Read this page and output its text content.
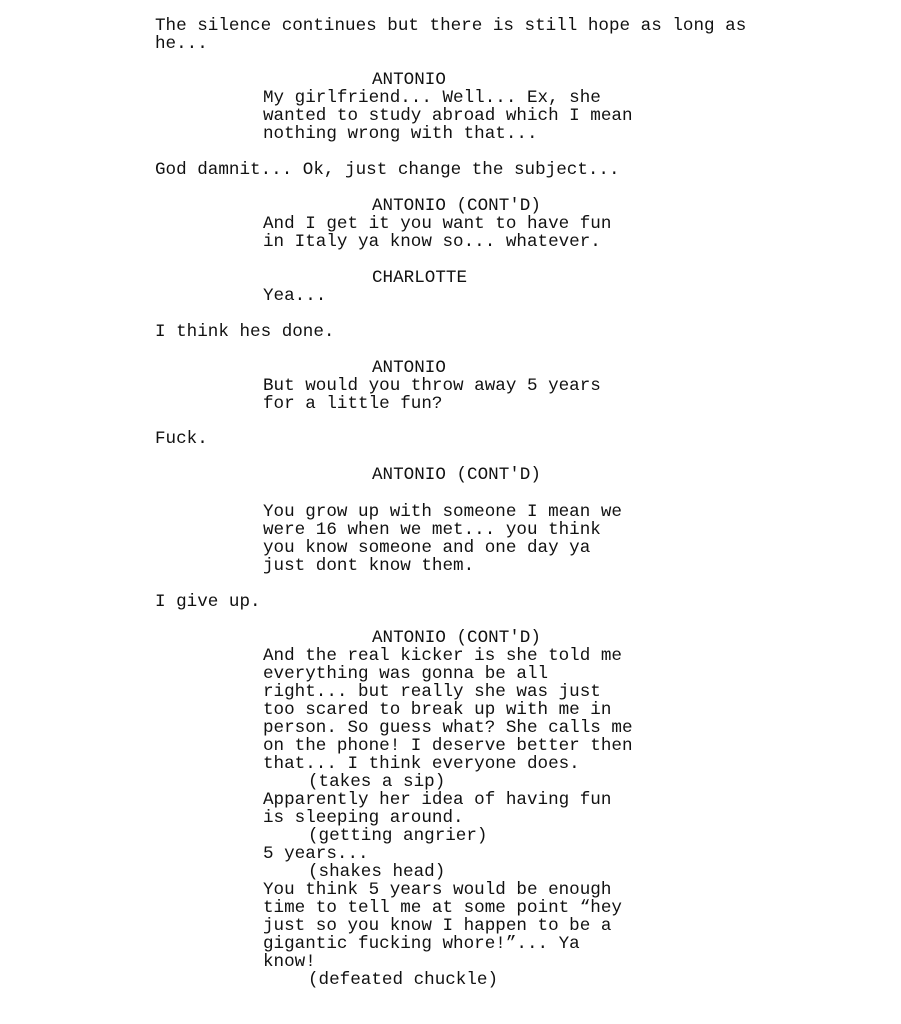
The silence continues but there is still hope as long as

he...

ANTONIO

My girlfriend... Well... Ex, she

wanted to study abroad which I mean

nothing wrong with that...

God damnit... Ok, just change the subject...

ANTONIO (CONT'D)

And I get it you want to have fun

in Italy ya know so... whatever.

CHARLOTTE

Yea...

I think hes done.

ANTONIO

But would you throw away 5 years

for a little fun?

Fuck.

ANTONIO (CONT'D)

You grow up with someone I mean we

were 16 when we met... you think

you know someone and one day ya

just dont know them.

I give up.

ANTONIO (CONT'D)

And the real kicker is she told me

everything was gonna be all

right... but really she was just

too scared to break up with me in

person. So guess what? She calls me

on the phone! I deserve better then

that... I think everyone does.

(takes a sip)

Apparently her idea of having fun

is sleeping around.

(getting angrier)

5 years...

(shakes head)

You think 5 years would be enough

time to tell me at some point “hey

just so you know I happen to be a

gigantic fucking whore!”... Ya

know!

(defeated chuckle)
